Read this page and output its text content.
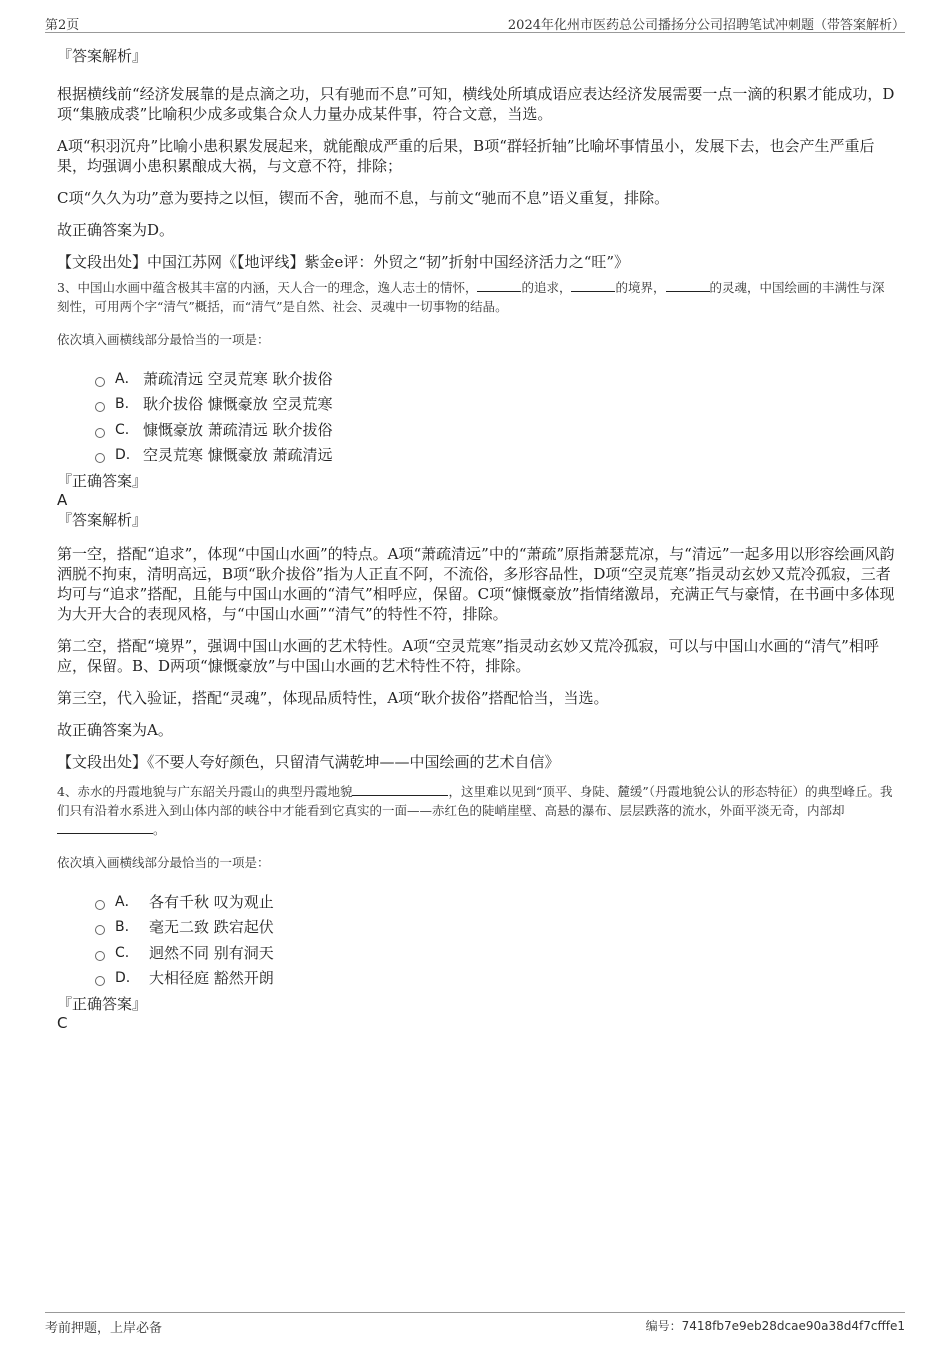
第2页	2024年化州市医药总公司播扬分公司招聘笔试冲刺题（带答案解析）
『答案解析』

根据横线前“经济发展靠的是点滴之功，只有驰而不息”可知，横线处所填成语应表达经济发展需要一点一滴的积累才能成功，D项“集腋成裘”比喻积少成多或集合众人力量办成某件事，符合文意，当选。

A项“积羽沉舟”比喻小患积累发展起来，就能酿成严重的后果，B项“群轻折轴”比喻坏事情虽小，发展下去，也会产生严重后果，均强调小患积累酿成大祸，与文意不符，排除；

C项“久久为功”意为要持之以恒，锲而不舍，驰而不息，与前文“驰而不息”语义重复，排除。

故正确答案为D。

【文段出处】中国江苏网《【地评线】紫金e评：外贸之“韧”折射中国经济活力之“旺”》

3、中国山水画中蕴含极其丰富的内涵，天人合一的理念，逸人志士的情怀，	的追求，	的境界，	的灵魂，中国绘画的丰满性与深刻性，可用两个字“清气”概括，而“清气”是自然、社会、灵魂中一切事物的结晶。

依次填入画横线部分最恰当的一项是：

A． 萧疏清远 空灵荒寒 耿介拔俗
B. 耿介拔俗 慷慨豪放 空灵荒寒
C. 慷慨豪放 萧疏清远 耿介拔俗
D. 空灵荒寒 慷慨豪放 萧疏清远
『正确答案』
A
『答案解析』

第一空，搭配“追求”，体现“中国山水画”的特点。A项“萧疏清远”中的“萧疏”原指萧瑟荒凉，与“清远”一起多用以形容绘画风韵洒脱不拘束，清明高远，B项“耿介拔俗”指为人正直不阿，不流俗，多形容品性，D项“空灵荒寒”指灵动玄妙又荒冷孤寂，三者均可与“追求”搭配，且能与中国山水画的“清气”相呼应，保留。C项“慷慨豪放”指情绪激昂，充满正气与豪情，在书画中多体现为大开大合的表现风格，与“中国山水画”“清气”的特性不符，排除。

第二空，搭配“境界”，强调中国山水画的艺术特性。A项“空灵荒寒”指灵动玄妙又荒冷孤寂，可以与中国山水画的“清气”相呼应，保留。B、D两项“慷慨豪放”与中国山水画的艺术特性不符，排除。

第三空，代入验证，搭配“灵魂”，体现品质特性，A项“耿介拔俗”搭配恰当，当选。

故正确答案为A。

【文段出处】《不要人夸好颜色，只留清气满乾坤——中国绘画的艺术自信》

4、赤水的丹霞地貌与广东韶关丹霞山的典型丹霞地貌	，这里难以见到“顶平、身陡、麓缓”（丹霞地貌公认的形态特征）的典型峰丘。我们只有沿着水系进入到山体内部的峡谷中才能看到它真实的一面——赤红色的陡峭崖壁、高悬的瀑布、层层跌落的流水，外面平淡无奇，内部却。

依次填入画横线部分最恰当的一项是：

A． 各有千秋 叹为观止
B.	毫无二致 跌宕起伏
C.	迥然不同 别有洞天
D.	大相径庭 豁然开朗
『正确答案』
C
考前押题，上岸必备	编号：7418fb7e9eb28dcae90a38d4f7cfffe1
